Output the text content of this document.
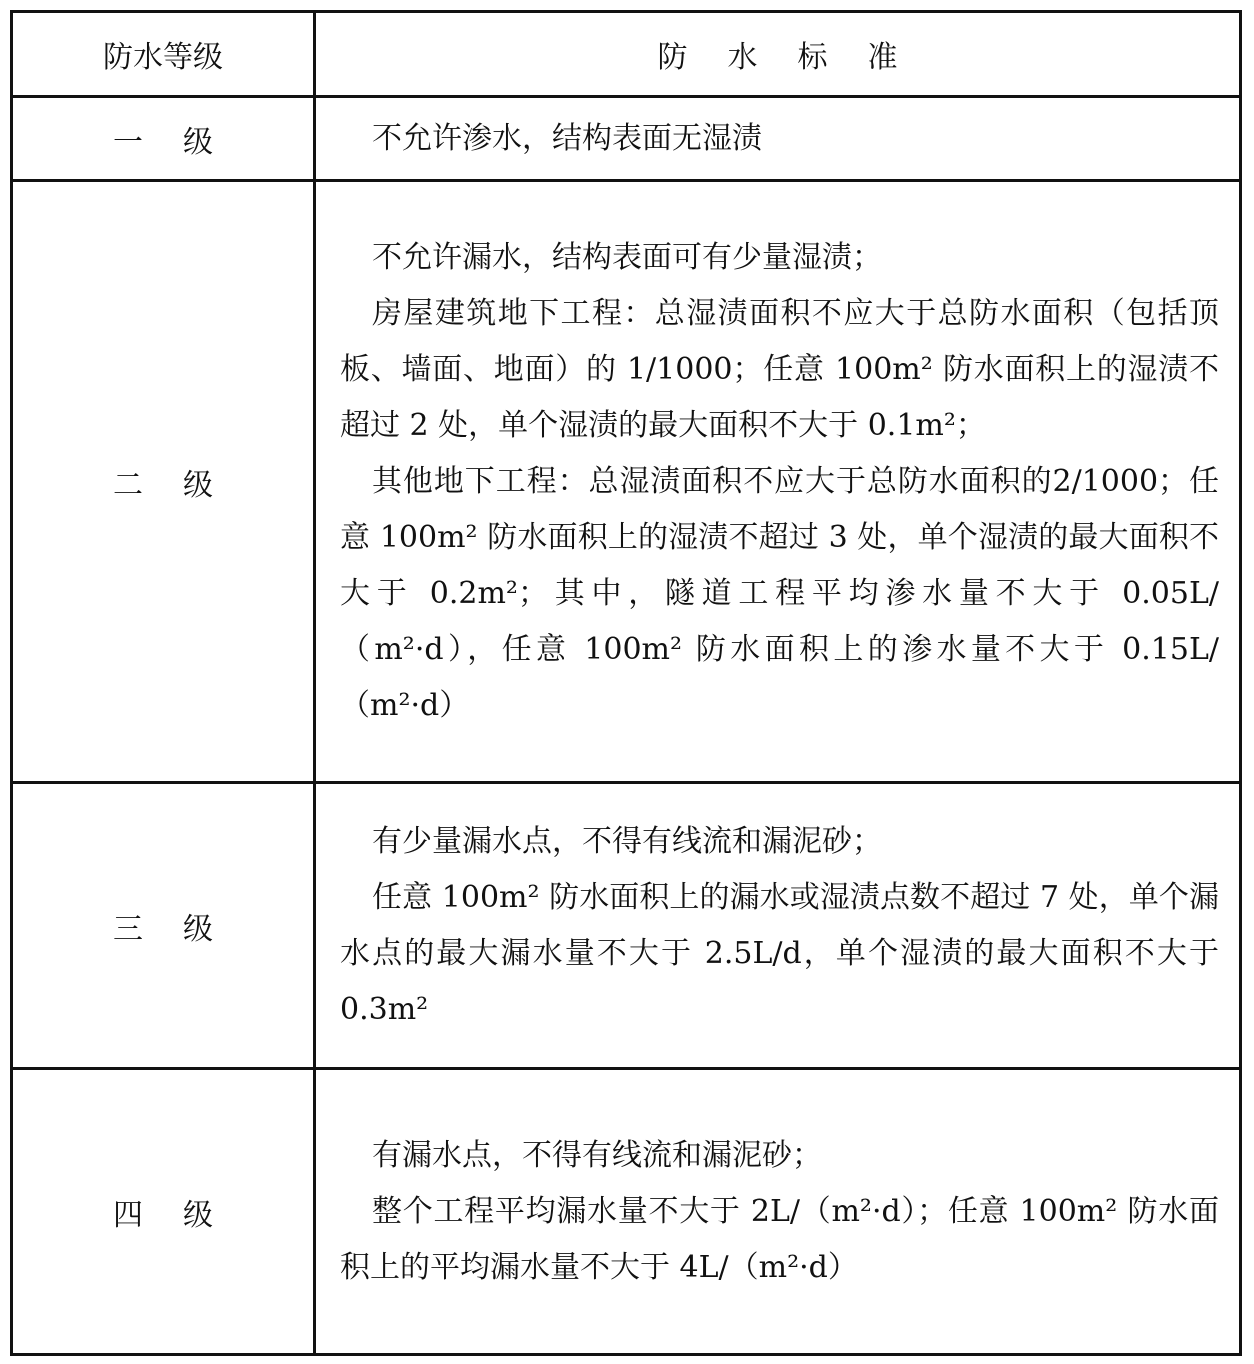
防水等级	防水标准
一级	不允许渗水，结构表面无湿渍

二级	不允许漏水，结构表面可有少量湿渍；

房屋建筑地下工程：总湿渍面积不应大于总防水面积（包括顶板、墙面、地面）的 1/1000；任意 100m² 防水面积上的湿渍不超过 2 处，单个湿渍的最大面积不大于 0.1m²；

其他地下工程：总湿渍面积不应大于总防水面积的2/1000；任意 100m² 防水面积上的湿渍不超过 3 处，单个湿渍的最大面积不大于 0.2m²；其中，隧道工程平均渗水量不大于 0.05L/（m²·d），任意 100m² 防水面积上的渗水量不大于 0.15L/（m²·d）

三级	有少量漏水点，不得有线流和漏泥砂；

任意 100m² 防水面积上的漏水或湿渍点数不超过 7 处，单个漏水点的最大漏水量不大于 2.5L/d，单个湿渍的最大面积不大于 0.3m²

四级	有漏水点，不得有线流和漏泥砂；

整个工程平均漏水量不大于 2L/（m²·d）；任意 100m² 防水面积上的平均漏水量不大于 4L/（m²·d）
